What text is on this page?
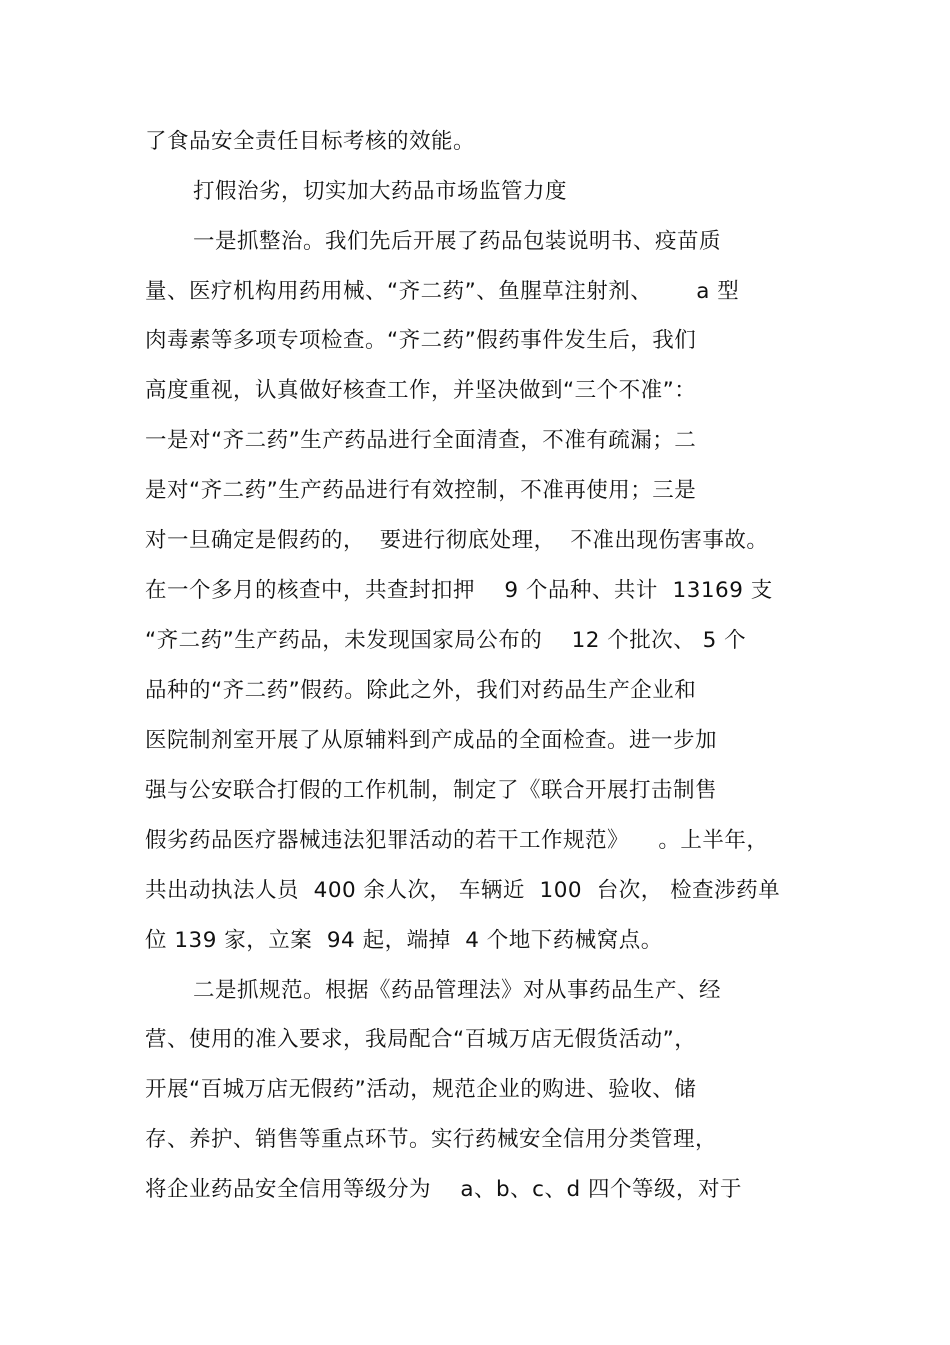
了食品安全责任目标考核的效能。
打假治劣，切实加大药品市场监管力度
一是抓整治。我们先后开展了药品包装说明书、疫苗质
量、医疗机构用药用械、“齐二药”、鱼腥草注射剂、      a 型
肉毒素等多项专项检查。“齐二药”假药事件发生后，我们
高度重视，认真做好核查工作，并坚决做到“三个不准”：
一是对“齐二药”生产药品进行全面清查，不准有疏漏；二
是对“齐二药”生产药品进行有效控制，不准再使用；三是
对一旦确定是假药的，  要进行彻底处理，  不准出现伤害事故。
在一个多月的核查中，共查封扣押    9 个品种、共计  13169 支
“齐二药”生产药品，未发现国家局公布的    12 个批次、 5 个
品种的“齐二药”假药。除此之外，我们对药品生产企业和
医院制剂室开展了从原辅料到产成品的全面检查。进一步加
强与公安联合打假的工作机制，制定了《联合开展打击制售
假劣药品医疗器械违法犯罪活动的若干工作规范》    。上半年，
共出动执法人员  400 余人次， 车辆近  100  台次， 检查涉药单
位 139 家，立案  94 起，端掉  4 个地下药械窝点。
二是抓规范。根据《药品管理法》对从事药品生产、经
营、使用的准入要求，我局配合“百城万店无假货活动”，
开展“百城万店无假药”活动，规范企业的购进、验收、储
存、养护、销售等重点环节。实行药械安全信用分类管理，
将企业药品安全信用等级分为    a、b、c、d 四个等级，对于
